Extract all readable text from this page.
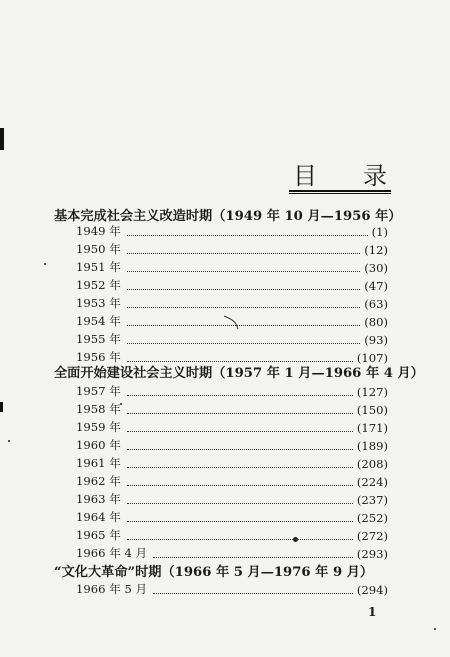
目 录
基本完成社会主义改造时期（1949 年 10 月—1956 年）
1949 年	(1)
1950 年	(12)
1951 年	(30)
1952 年	(47)
1953 年	(63)
1954 年	(80)
1955 年	(93)
1956 年	(107)
全面开始建设社会主义时期（1957 年 1 月—1966 年 4 月）
1957 年	(127)
1958 年	(150)
1959 年	(171)
1960 年	(189)
1961 年	(208)
1962 年	(224)
1963 年	(237)
1964 年	(252)
1965 年	(272)
1966 年 4 月	(293)
“文化大革命”时期（1966 年 5 月—1976 年 9 月）
1966 年 5 月	(294)
1
